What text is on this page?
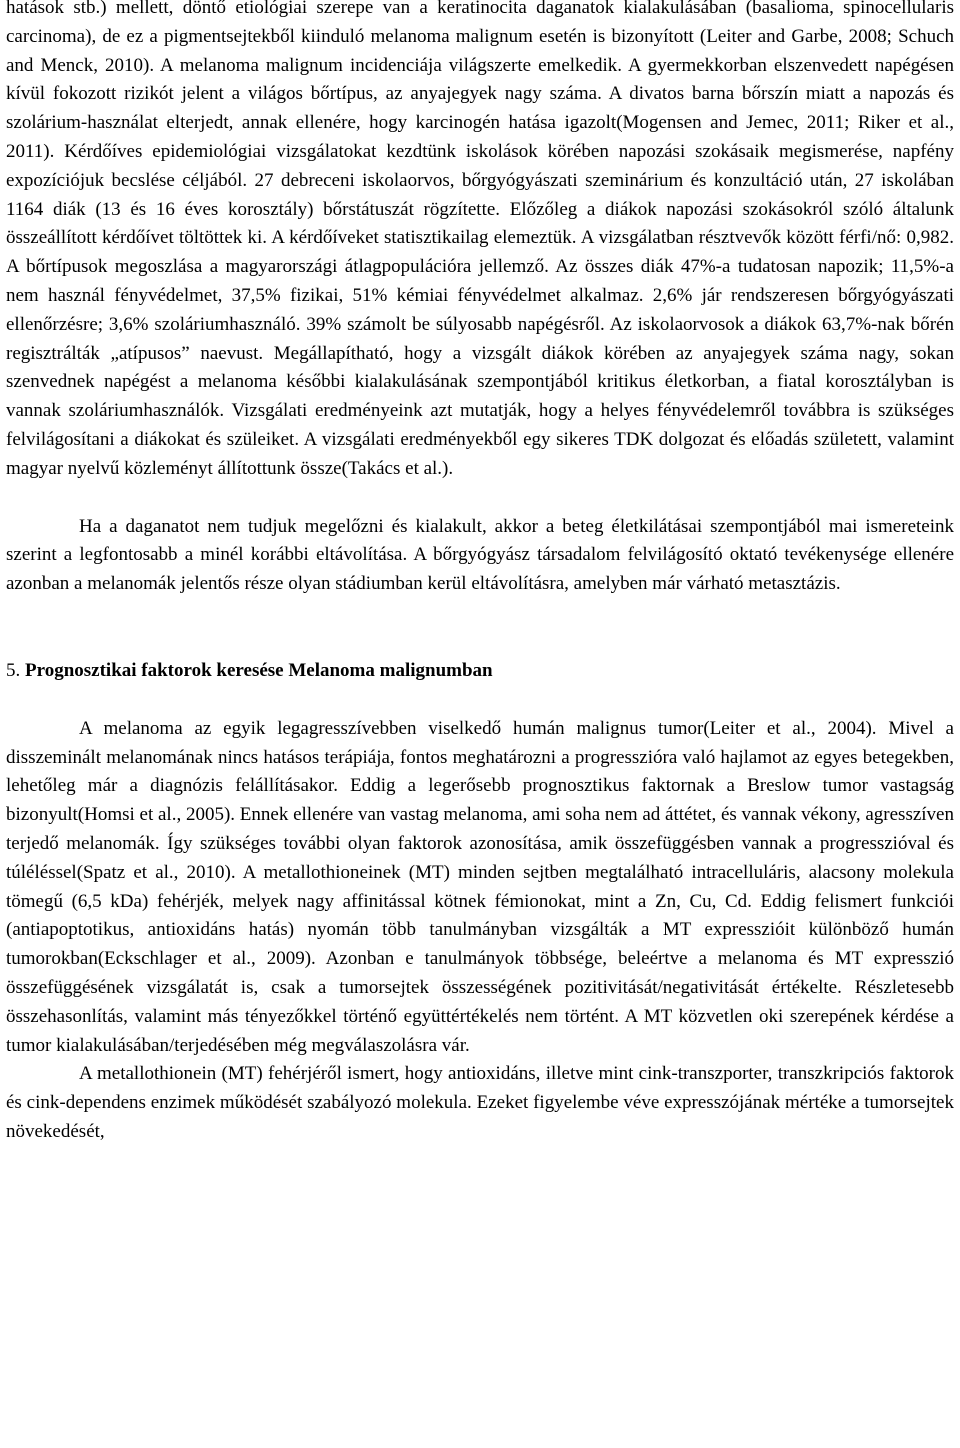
hatások stb.) mellett, döntő etiológiai szerepe van a keratinocita daganatok kialakulásában (basalioma, spinocellularis carcinoma), de ez a pigmentsejtekből kiinduló melanoma malignum esetén is bizonyított (Leiter and Garbe, 2008; Schuch and Menck, 2010). A melanoma malignum incidenciája világszerte emelkedik. A gyermekkorban elszenvedett napégésen kívül fokozott rizikót jelent a világos bőrtípus, az anyajegyek nagy száma. A divatos barna bőrszín miatt a napozás és szolárium-használat elterjedt, annak ellenére, hogy karcinogén hatása igazolt(Mogensen and Jemec, 2011; Riker et al., 2011). Kérdőíves epidemiológiai vizsgálatokat kezdtünk iskolások körében napozási szokásaik megismerése, napfény expozíciójuk becslése céljából. 27 debreceni iskolaorvos, bőrgyógyászati szeminárium és konzultáció után, 27 iskolában 1164 diák (13 és 16 éves korosztály) bőrstátuszát rögzítette. Előzőleg a diákok napozási szokásokról szóló általunk összeállított kérdőívet töltöttek ki. A kérdőíveket statisztikailag elemeztük. A vizsgálatban résztvevők között férfi/nő: 0,982. A bőrtípusok megoszlása a magyarországi átlagpopulációra jellemző. Az összes diák 47%-a tudatosan napozik; 11,5%-a nem használ fényvédelmet, 37,5% fizikai, 51% kémiai fényvédelmet alkalmaz. 2,6% jár rendszeresen bőrgyógyászati ellenőrzésre; 3,6% szoláriumhasználó. 39% számolt be súlyosabb napégésről. Az iskolaorvosok a diákok 63,7%-nak bőrén regisztrálták „atípusos” naevust. Megállapítható, hogy a vizsgált diákok körében az anyajegyek száma nagy, sokan szenvednek napégést a melanoma későbbi kialakulásának szempontjából kritikus életkorban, a fiatal korosztályban is vannak szoláriumhasználók. Vizsgálati eredményeink azt mutatják, hogy a helyes fényvédelemről továbbra is szükséges felvilágosítani a diákokat és szüleiket. A vizsgálati eredményekből egy sikeres TDK dolgozat és előadás született, valamint magyar nyelvű közleményt állítottunk össze(Takács et al.).

Ha a daganatot nem tudjuk megelőzni és kialakult, akkor a beteg életkilátásai szempontjából mai ismereteink szerint a legfontosabb a minél korábbi eltávolítása. A bőrgyógyász társadalom felvilágosító oktató tevékenysége ellenére azonban a melanomák jelentős része olyan stádiumban kerül eltávolításra, amelyben már várható metasztázis.

5. Prognosztikai faktorok keresése Melanoma malignumban

A melanoma az egyik legagresszívebben viselkedő humán malignus tumor(Leiter et al., 2004). Mivel a disszeminált melanomának nincs hatásos terápiája, fontos meghatározni a progresszióra való hajlamot az egyes betegekben, lehetőleg már a diagnózis felállításakor. Eddig a legerősebb prognosztikus faktornak a Breslow tumor vastagság bizonyult(Homsi et al., 2005). Ennek ellenére van vastag melanoma, ami soha nem ad áttétet, és vannak vékony, agresszíven terjedő melanomák. Így szükséges további olyan faktorok azonosítása, amik összefüggésben vannak a progresszióval és túléléssel(Spatz et al., 2010). A metallothioneinek (MT) minden sejtben megtalálható intracelluláris, alacsony molekula tömegű (6,5 kDa) fehérjék, melyek nagy affinitással kötnek fémionokat, mint a Zn, Cu, Cd. Eddig felismert funkciói (antiapoptotikus, antioxidáns hatás) nyomán több tanulmányban vizsgálták a MT expresszióit különböző humán tumorokban(Eckschlager et al., 2009). Azonban e tanulmányok többsége, beleértve a melanoma és MT expresszió összefüggésének vizsgálatát is, csak a tumorsejtek összességének pozitivitását/negativitását értékelte. Részletesebb összehasonlítás, valamint más tényezőkkel történő együttértékelés nem történt. A MT közvetlen oki szerepének kérdése a tumor kialakulásában/terjedésében még megválaszolásra vár.

A metallothionein (MT) fehérjéről ismert, hogy antioxidáns, illetve mint cink-transzporter, transzkripciós faktorok és cink-dependens enzimek működését szabályozó molekula. Ezeket figyelembe véve expresszójának mértéke a tumorsejtek növekedését,
